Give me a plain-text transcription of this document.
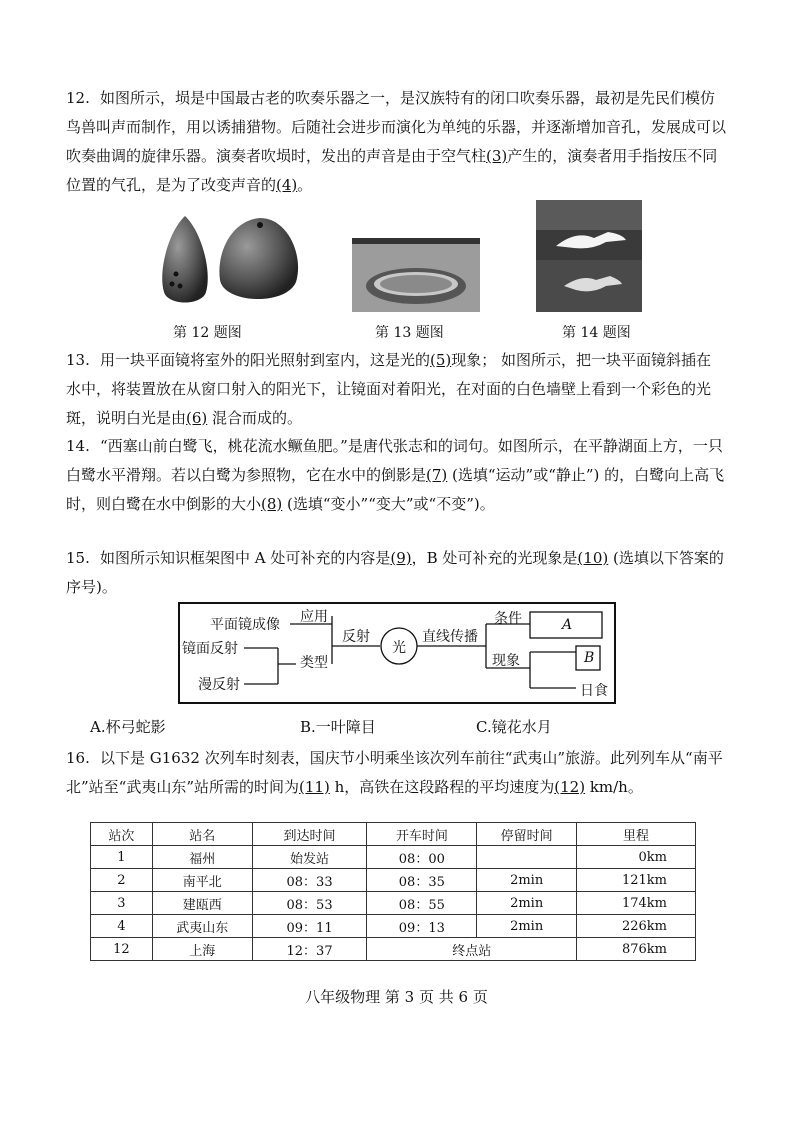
12. 如图所示，埙是中国最古老的吹奏乐器之一，是汉族特有的闭口吹奏乐器，最初是先民们模仿鸟兽叫声而制作，用以诱捕猎物。后随社会进步而演化为单纯的乐器，并逐渐增加音孔，发展成可以吹奏曲调的旋律乐器。演奏者吹埙时，发出的声音是由于空气柱(3)产生的，演奏者用手指按压不同位置的气孔，是为了改变声音的(4)。

第 12 题图	第 13 题图	第 14 题图

13. 用一块平面镜将室外的阳光照射到室内，这是光的(5)现象； 如图所示，把一块平面镜斜插在水中，将装置放在从窗口射入的阳光下，让镜面对着阳光，在对面的白色墙壁上看到一个彩色的光斑，说明白光是由(6) 混合而成的。

14. “西塞山前白鹭飞，桃花流水鳜鱼肥。”是唐代张志和的词句。如图所示，在平静湖面上方，一只白鹭水平滑翔。若以白鹭为参照物，它在水中的倒影是(7) (选填“运动”或“静止”) 的，白鹭向上高飞时，则白鹭在水中倒影的大小(8) (选填“变小”“变大”或“不变”)。

15. 如图所示知识框架图中 A 处可补充的内容是(9)，B 处可补充的光现象是(10) (选填以下答案的序号)。

平面镜成像 应用
镜面反射
类型
漫反射
反射
光
直线传播
条件	A
现象	B
日食
A.杯弓蛇影	B.一叶障目	C.镜花水月

16. 以下是 G1632 次列车时刻表，国庆节小明乘坐该次列车前往“武夷山”旅游。此列列车从“南平北”站至“武夷山东”站所需的时间为(11) h，高铁在这段路程的平均速度为(12) km/h。

站次	站名	到达时间	开车时间	停留时间	里程
1	福州	始发站	08：00		0km
2	南平北	08：33	08：35	2min	121km
3	建瓯西	08：53	08：55	2min	174km
4	武夷山东	09：11	09：13	2min	226km
12	上海	12：37	终点站		876km
八年级物理 第 3 页 共 6 页
